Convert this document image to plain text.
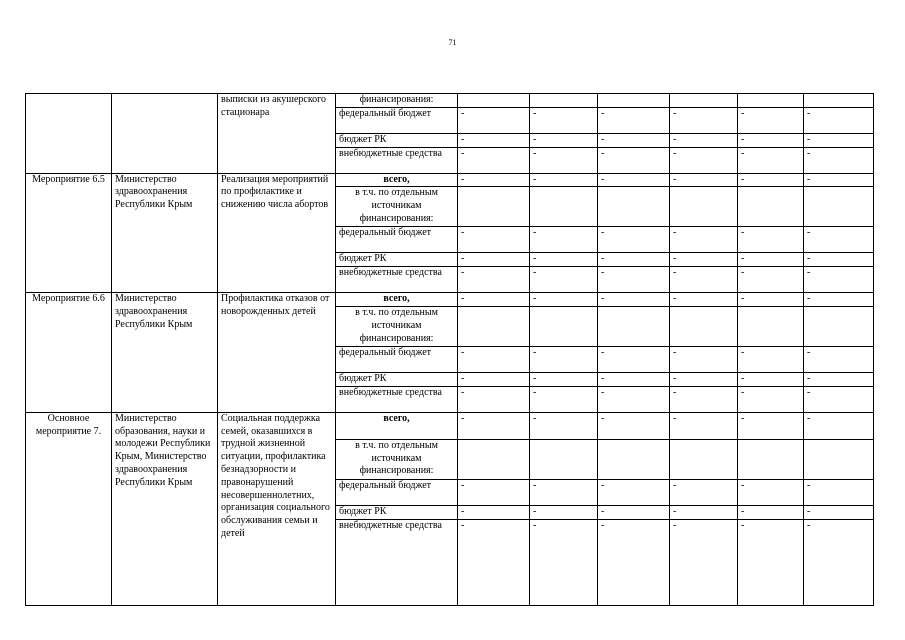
71
		выписки из акушерского стационара	финансирования:						
			федеральный бюджет	-	-	-	-	-	-
			бюджет РК	-	-	-	-	-	-
			внебюджетные средства	-	-	-	-	-	-
Мероприятие 6.5	Министерство здравоохранения Республики Крым	Реализация мероприятий по профилактике и снижению числа абортов	всего,	-	-	-	-	-	-
			в т.ч. по отдельным источникам финансирования:						
			федеральный бюджет	-	-	-	-	-	-
			бюджет РК	-	-	-	-	-	-
			внебюджетные средства	-	-	-	-	-	-
Мероприятие 6.6	Министерство здравоохранения Республики Крым	Профилактика отказов от новорожденных детей	всего,	-	-	-	-	-	-
			в т.ч. по отдельным источникам финансирования:						
			федеральный бюджет	-	-	-	-	-	-
			бюджет РК	-	-	-	-	-	-
			внебюджетные средства	-	-	-	-	-	-
Основное мероприятие 7.	Министерство образования, науки и молодежи Республики Крым, Министерство здравоохранения Республики Крым	Социальная поддержка семей, оказавшихся в трудной жизненной ситуации, профилактика безнадзорности и правонарушений несовершеннолетних, организация социального обслуживания семьи и детей	всего,	-	-	-	-	-	-
			в т.ч. по отдельным источникам финансирования:						
			федеральный бюджет	-	-	-	-	-	-
			бюджет РК	-	-	-	-	-	-
			внебюджетные средства	-	-	-	-	-	-
